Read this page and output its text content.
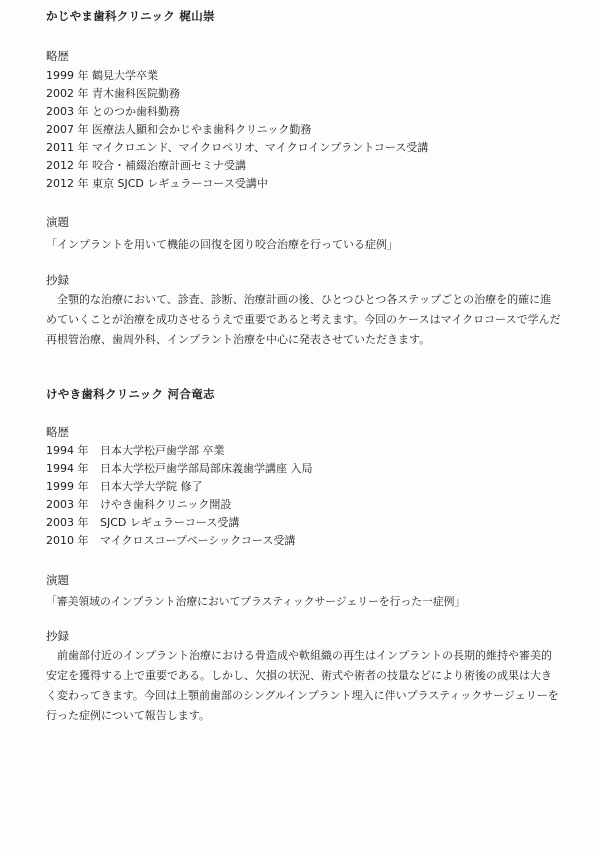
かじやま歯科クリニック 梶山崇
略歴
1999 年 鶴見大学卒業
2002 年 青木歯科医院勤務
2003 年 とのつか歯科勤務
2007 年 医療法人顯和会かじやま歯科クリニック勤務
2011 年 マイクロエンド、マイクロペリオ、マイクロインプラントコース受講
2012 年 咬合・補綴治療計画セミナ受講
2012 年 東京 SJCD レギュラーコース受講中
演題
「インプラントを用いて機能の回復を図り咬合治療を行っている症例」
抄録
全顎的な治療において、診査、診断、治療計画の後、ひとつひとつ各ステップごとの治療を的確に進めていくことが治療を成功させるうえで重要であると考えます。今回のケースはマイクロコースで学んだ再根管治療、歯周外科、インプラント治療を中心に発表させていただきます。
けやき歯科クリニック 河合竜志
略歴
1994 年 日本大学松戸歯学部 卒業
1994 年 日本大学松戸歯学部局部床義歯学講座 入局
1999 年 日本大学大学院 修了
2003 年 けやき歯科クリニック開設
2003 年 SJCD レギュラーコース受講
2010 年 マイクロスコープベーシックコース受講
演題
「審美領域のインプラント治療においてプラスティックサージェリーを行った一症例」
抄録
前歯部付近のインプラント治療における骨造成や軟組織の再生はインプラントの長期的維持や審美的安定を獲得する上で重要である。しかし、欠損の状況、術式や術者の技量などにより術後の成果は大きく変わってきます。今回は上顎前歯部のシングルインプラント埋入に伴いプラスティックサージェリーを行った症例について報告します。
